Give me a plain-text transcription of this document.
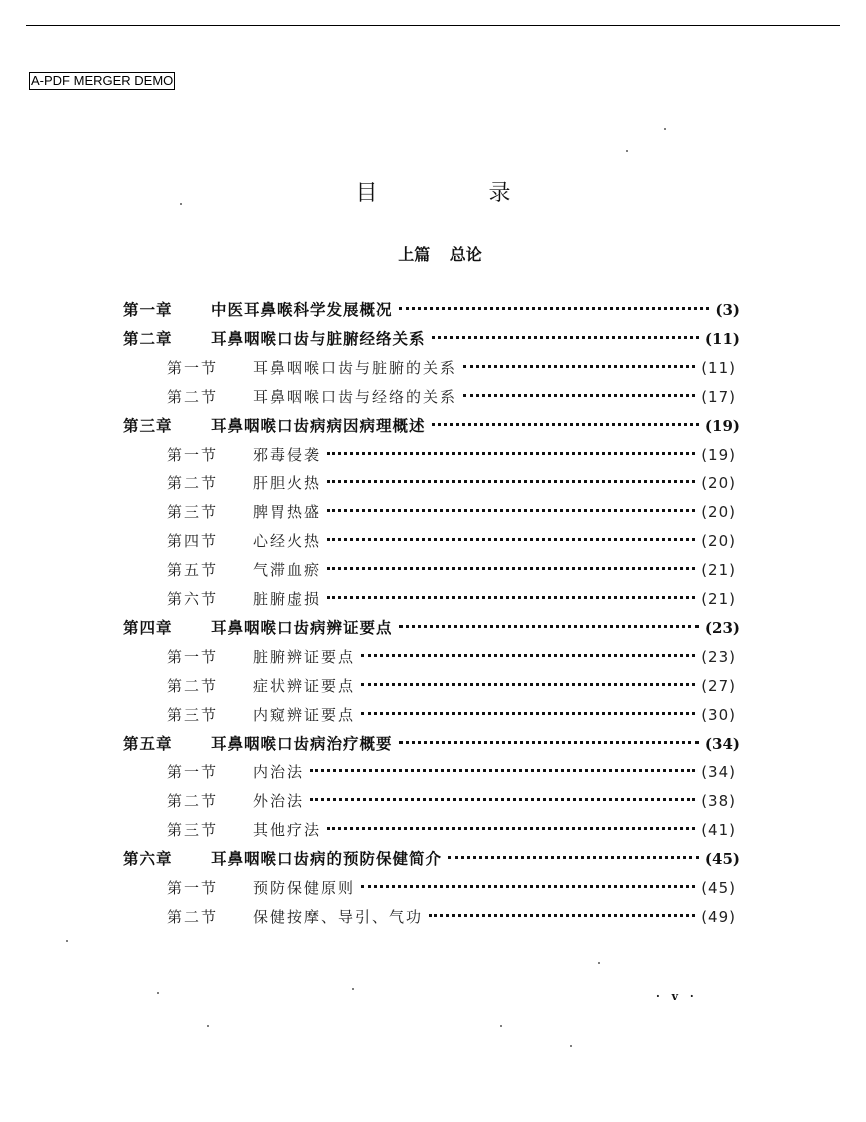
A-PDF MERGER DEMO
目 录
上篇 总论
第一章	中医耳鼻喉科学发展概况	(3)
第二章	耳鼻咽喉口齿与脏腑经络关系	(11)
第一节	耳鼻咽喉口齿与脏腑的关系	(11)
第二节	耳鼻咽喉口齿与经络的关系	(17)
第三章	耳鼻咽喉口齿病病因病理概述	(19)
第一节	邪毒侵袭	(19)
第二节	肝胆火热	(20)
第三节	脾胃热盛	(20)
第四节	心经火热	(20)
第五节	气滞血瘀	(21)
第六节	脏腑虚损	(21)
第四章	耳鼻咽喉口齿病辨证要点	(23)
第一节	脏腑辨证要点	(23)
第二节	症状辨证要点	(27)
第三节	内窥辨证要点	(30)
第五章	耳鼻咽喉口齿病治疗概要	(34)
第一节	内治法	(34)
第二节	外治法	(38)
第三节	其他疗法	(41)
第六章	耳鼻咽喉口齿病的预防保健简介	(45)
第一节	预防保健原则	(45)
第二节	保健按摩、导引、气功	(49)
· v ·
